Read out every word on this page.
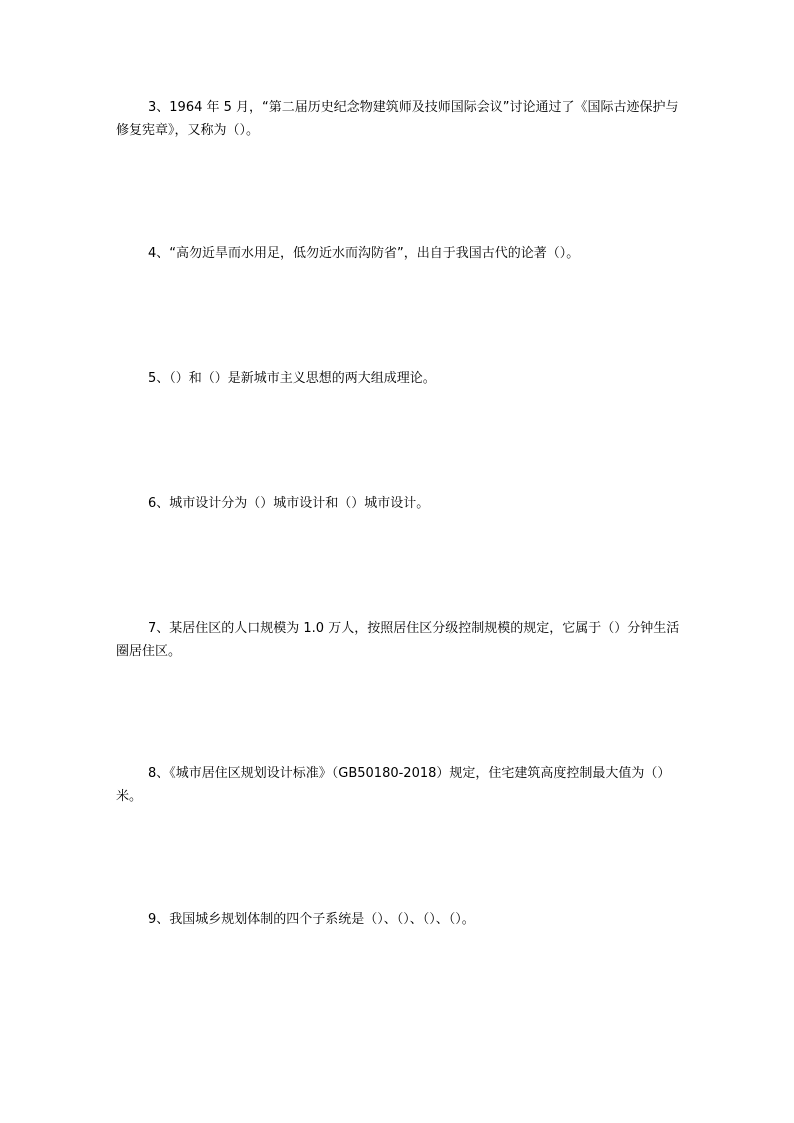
3、1964 年 5 月，“第二届历史纪念物建筑师及技师国际会议”讨论通过了《国际古迹保护与修复宪章》，又称为（）。

4、“高勿近旱而水用足，低勿近水而沟防省”，出自于我国古代的论著（）。

5、（）和（）是新城市主义思想的两大组成理论。

6、城市设计分为（）城市设计和（）城市设计。

7、某居住区的人口规模为 1.0 万人，按照居住区分级控制规模的规定，它属于（）分钟生活圈居住区。

8、《城市居住区规划设计标准》（GB50180-2018）规定，住宅建筑高度控制最大值为（）米。

9、我国城乡规划体制的四个子系统是（）、（）、（）、（）。
